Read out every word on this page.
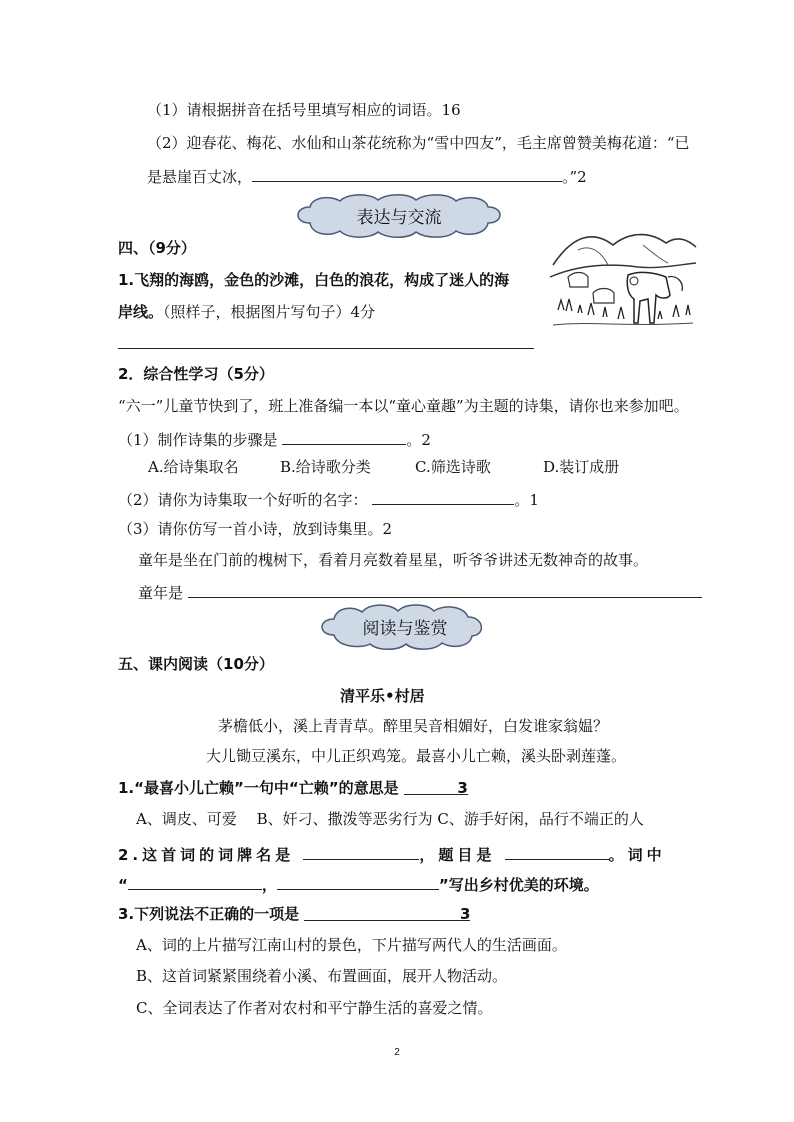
（1）请根据拼音在括号里填写相应的词语。16
（2）迎春花、梅花、水仙和山茶花统称为“雪中四友”，毛主席曾赞美梅花道：“已
是悬崖百丈冰，	。”2
表达与交流
四、（9分）
1.飞翔的海鸥，金色的沙滩，白色的浪花，构成了迷人的海
岸线。（照样子，根据图片写句子）4分
2．综合性学习（5分）
“六一”儿童节快到了，班上准备编一本以“童心童趣”为主题的诗集，请你也来参加吧。
（1）制作诗集的步骤是	。2
A.给诗集取名	B.给诗歌分类	C.筛选诗歌	D.装订成册
（2）请你为诗集取一个好听的名字：	。1
（3）请你仿写一首小诗，放到诗集里。2
童年是坐在门前的槐树下，看着月亮数着星星，听爷爷讲述无数神奇的故事。
童年是
阅读与鉴赏
五、课内阅读（10分）
清平乐•村居
茅檐低小，溪上青青草。醉里吴音相媚好，白发谁家翁媪？
大儿锄豆溪东，中儿正织鸡笼。最喜小儿亡赖，溪头卧剥莲蓬。
1.“最喜小儿亡赖”一句中“亡赖”的意思是	3
A、调皮、可爱　 B、奸刁、撒泼等恶劣行为 C、游手好闲，品行不端正的人
2.这首词的词牌名是	，题目是	。词中
“	，	”写出乡村优美的环境。
3.下列说法不正确的一项是	3
A、词的上片描写江南山村的景色，下片描写两代人的生活画面。
B、这首词紧紧围绕着小溪、布置画面，展开人物活动。
C、全词表达了作者对农村和平宁静生活的喜爱之情。
2
